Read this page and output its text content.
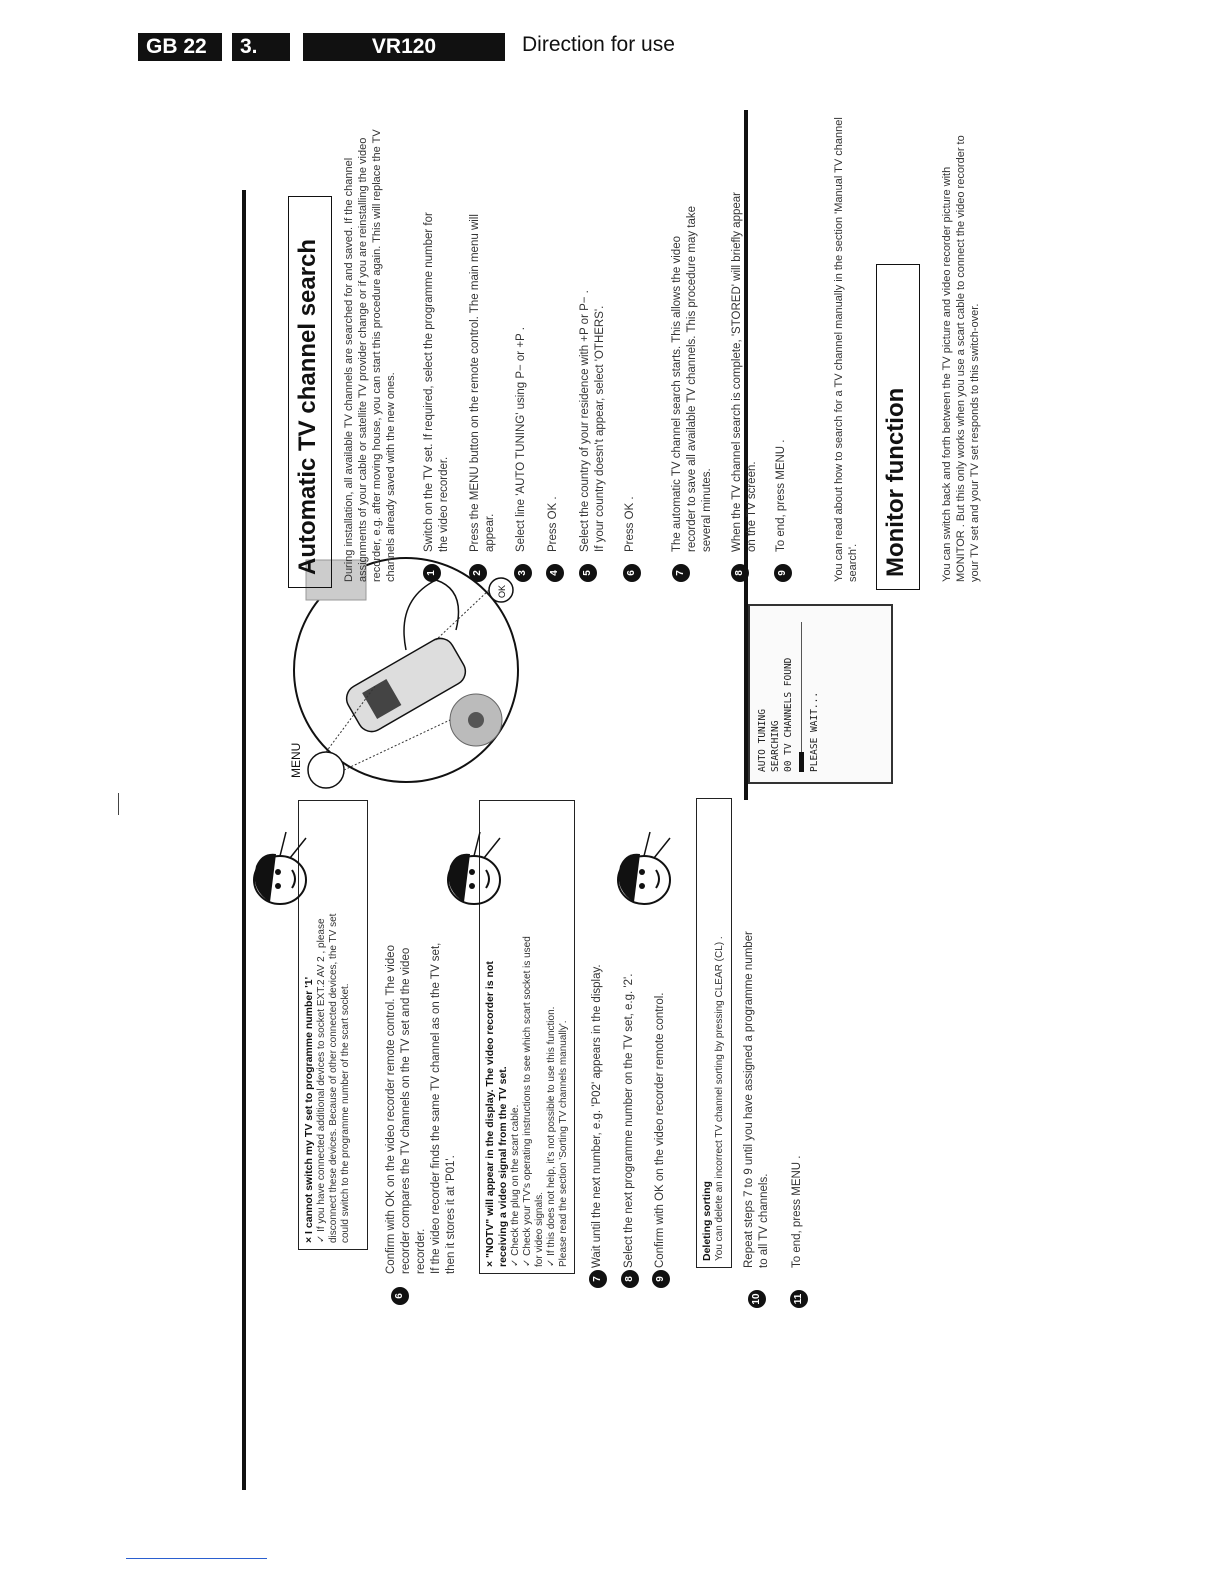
GB 22	3.	VR120	Direction for use
× I cannot switch my TV set to programme number '1' ✓ If you have connected additional devices to socket EXT.2 AV 2 , please disconnect these devices. Because of other connected devices, the TV set could switch to the programme number of the scart socket.
6
Confirm with OK on the video recorder remote control. The video recorder compares the TV channels on the TV set and the video recorder. If the video recorder finds the same TV channel as on the TV set, then it stores it at 'P01'.	× "NOTV" will appear in the display. The video recorder is not receiving a video signal from the TV set. ✓ Check the plug on the scart cable. ✓ Check your TV's operating instructions to see which scart socket is used for video signals. ✓ If this does not help, it's not possible to use this function. Please read the section 'Sorting TV channels manually'.
7
Wait until the next number, e.g. 'P02' appears in the display.
8
Select the next programme number on the TV set, e.g. '2'.
9
Confirm with OK on the video recorder remote control.	Deleting sorting You can delete an incorrect TV channel sorting by pressing CLEAR (CL) .
10
Repeat steps 7 to 9 until you have assigned a programme number to all TV channels.
11
To end, press MENU .
MENU
OK
AUTO TUNING SEARCHING 00 TV CHANNELS FOUND PLEASE WAIT...
Automatic TV channel search	During installation, all available TV channels are searched for and saved. If the channel assignments of your cable or satellite TV provider change or if you are reinstalling the video recorder, e.g. after moving house, you can start this procedure again. This will replace the TV channels already saved with the new ones.	1
Switch on the TV set. If required, select the programme number for the video recorder.
2
Press the MENU button on the remote control. The main menu will appear.
3
Select line 'AUTO TUNING' using P− or +P .
4
Press OK .
5
Select the country of your residence with +P or P− . If your country doesn't appear, select 'OTHERS'.
6
Press OK .
7
The automatic TV channel search starts. This allows the video recorder to save all available TV channels. This procedure may take several minutes.
8
When the TV channel search is complete, 'STORED' will briefly appear on the TV screen.
9
To end, press MENU .	You can read about how to search for a TV channel manually in the section 'Manual TV channel search'. Monitor function	You can switch back and forth between the TV picture and video recorder picture with MONITOR . But this only works when you use a scart cable to connect the video recorder to your TV set and your TV set responds to this switch-over.
